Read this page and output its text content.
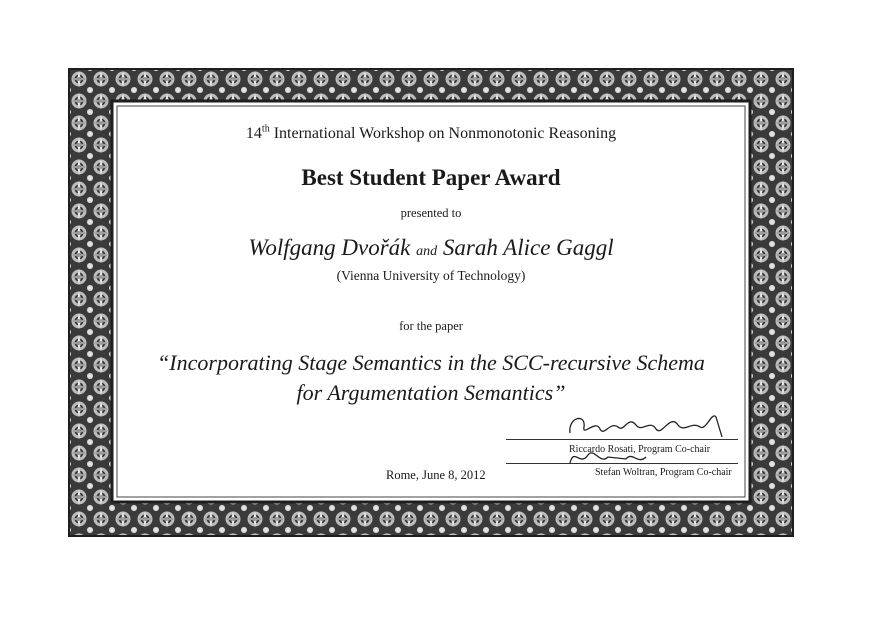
14th International Workshop on Nonmonotonic Reasoning
Best Student Paper Award
presented to
Wolfgang Dvořák and Sarah Alice Gaggl
(Vienna University of Technology)
for the paper
“Incorporating Stage Semantics in the SCC-recursive Schema
for Argumentation Semantics”
Rome, June 8, 2012
Riccardo Rosati, Program Co-chair
Stefan Woltran, Program Co-chair
